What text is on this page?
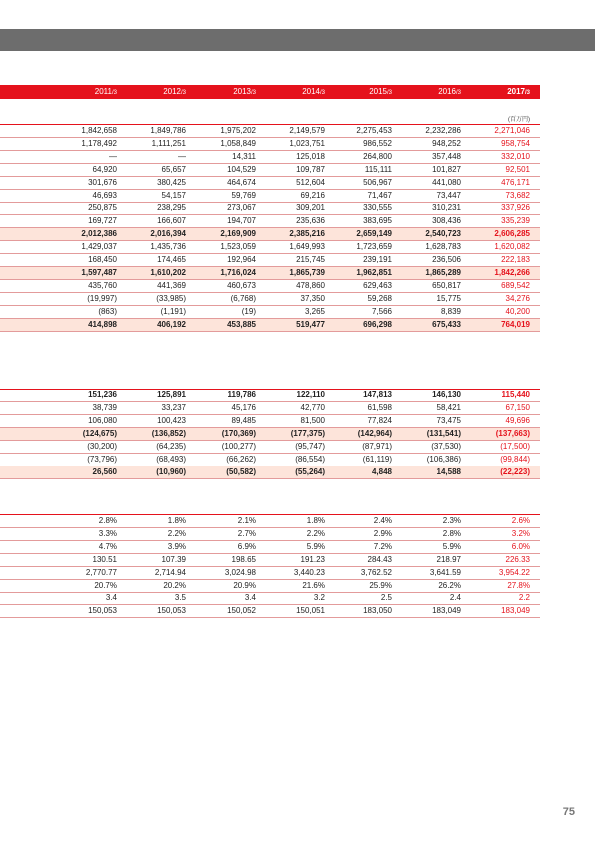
2011/3	2012/3	2013/3	2014/3	2015/3	2016/3	2017/3
(百万円)
1,842,658	1,849,786	1,975,202	2,149,579	2,275,453	2,232,286	2,271,046
1,178,492	1,111,251	1,058,849	1,023,751	986,552	948,252	958,754
—	—	14,311	125,018	264,800	357,448	332,010
64,920	65,657	104,529	109,787	115,111	101,827	92,501
301,676	380,425	464,674	512,604	506,967	441,080	476,171
46,693	54,157	59,769	69,216	71,467	73,447	73,682
250,875	238,295	273,067	309,201	330,555	310,231	337,926
169,727	166,607	194,707	235,636	383,695	308,436	335,239
2,012,386	2,016,394	2,169,909	2,385,216	2,659,149	2,540,723	2,606,285
1,429,037	1,435,736	1,523,059	1,649,993	1,723,659	1,628,783	1,620,082
168,450	174,465	192,964	215,745	239,191	236,506	222,183
1,597,487	1,610,202	1,716,024	1,865,739	1,962,851	1,865,289	1,842,266
435,760	441,369	460,673	478,860	629,463	650,817	689,542
(19,997)	(33,985)	(6,768)	37,350	59,268	15,775	34,276
(863)	(1,191)	(19)	3,265	7,566	8,839	40,200
414,898	406,192	453,885	519,477	696,298	675,433	764,019
151,236	125,891	119,786	122,110	147,813	146,130	115,440
38,739	33,237	45,176	42,770	61,598	58,421	67,150
106,080	100,423	89,485	81,500	77,824	73,475	49,696
(124,675)	(136,852)	(170,369)	(177,375)	(142,964)	(131,541)	(137,663)
(30,200)	(64,235)	(100,277)	(95,747)	(87,971)	(37,530)	(17,500)
(73,796)	(68,493)	(66,262)	(86,554)	(61,119)	(106,386)	(99,844)
26,560	(10,960)	(50,582)	(55,264)	4,848	14,588	(22,223)
2.8%	1.8%	2.1%	1.8%	2.4%	2.3%	2.6%
3.3%	2.2%	2.7%	2.2%	2.9%	2.8%	3.2%
4.7%	3.9%	6.9%	5.9%	7.2%	5.9%	6.0%
130.51	107.39	198.65	191.23	284.43	218.97	226.33
2,770.77	2,714.94	3,024.98	3,440.23	3,762.52	3,641.59	3,954.22
20.7%	20.2%	20.9%	21.6%	25.9%	26.2%	27.8%
3.4	3.5	3.4	3.2	2.5	2.4	2.2
150,053	150,053	150,052	150,051	183,050	183,049	183,049
75
